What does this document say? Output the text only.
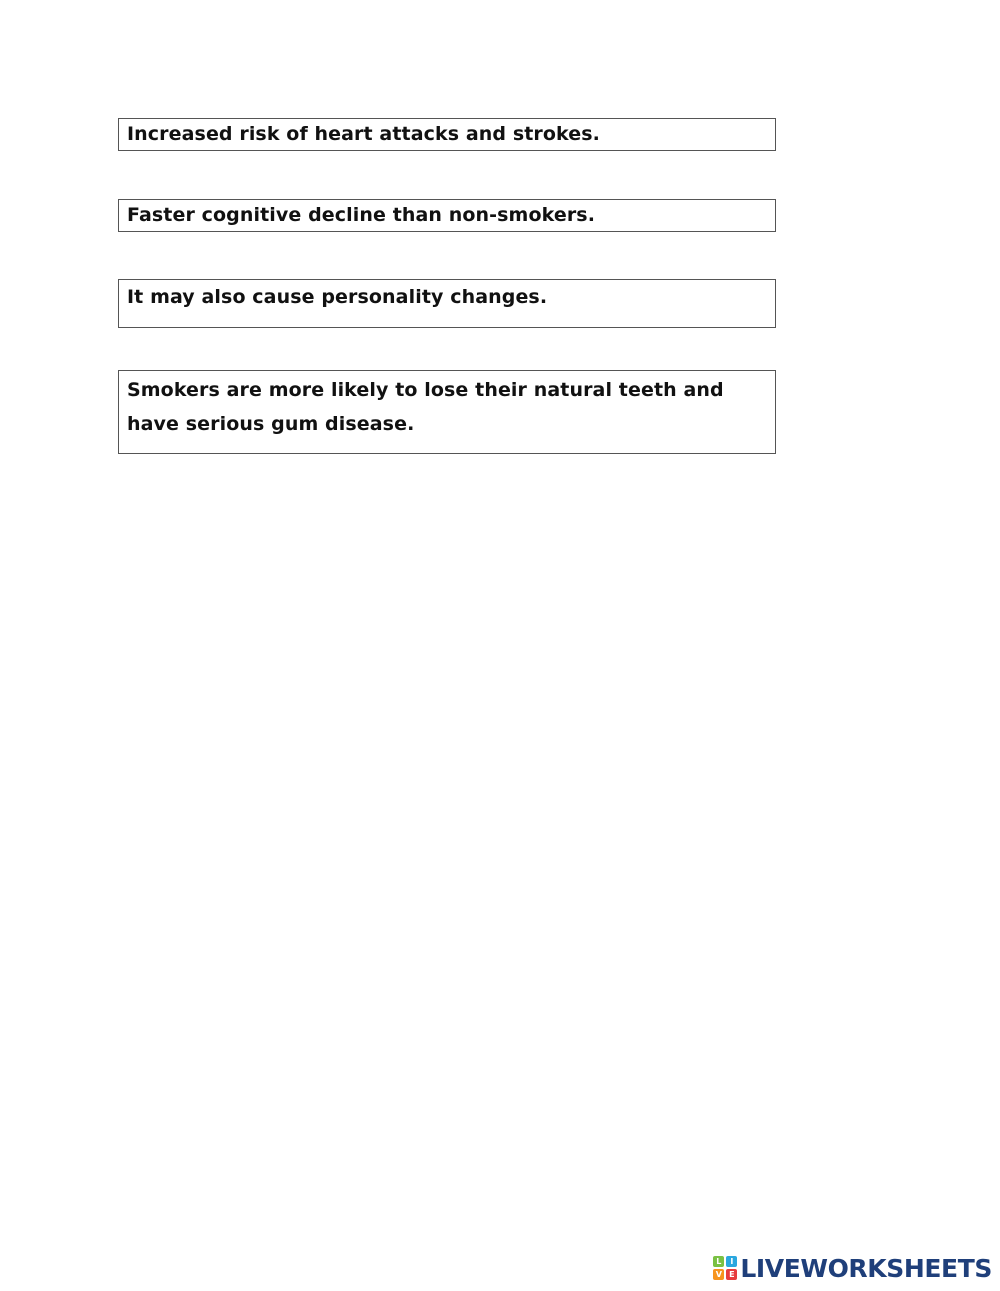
Increased risk of heart attacks and strokes.
Faster cognitive decline than non-smokers.
It may also cause personality changes.
Smokers are more likely to lose their natural teeth and have serious gum disease.
L	I
V E LIVEWORKSHEETS
